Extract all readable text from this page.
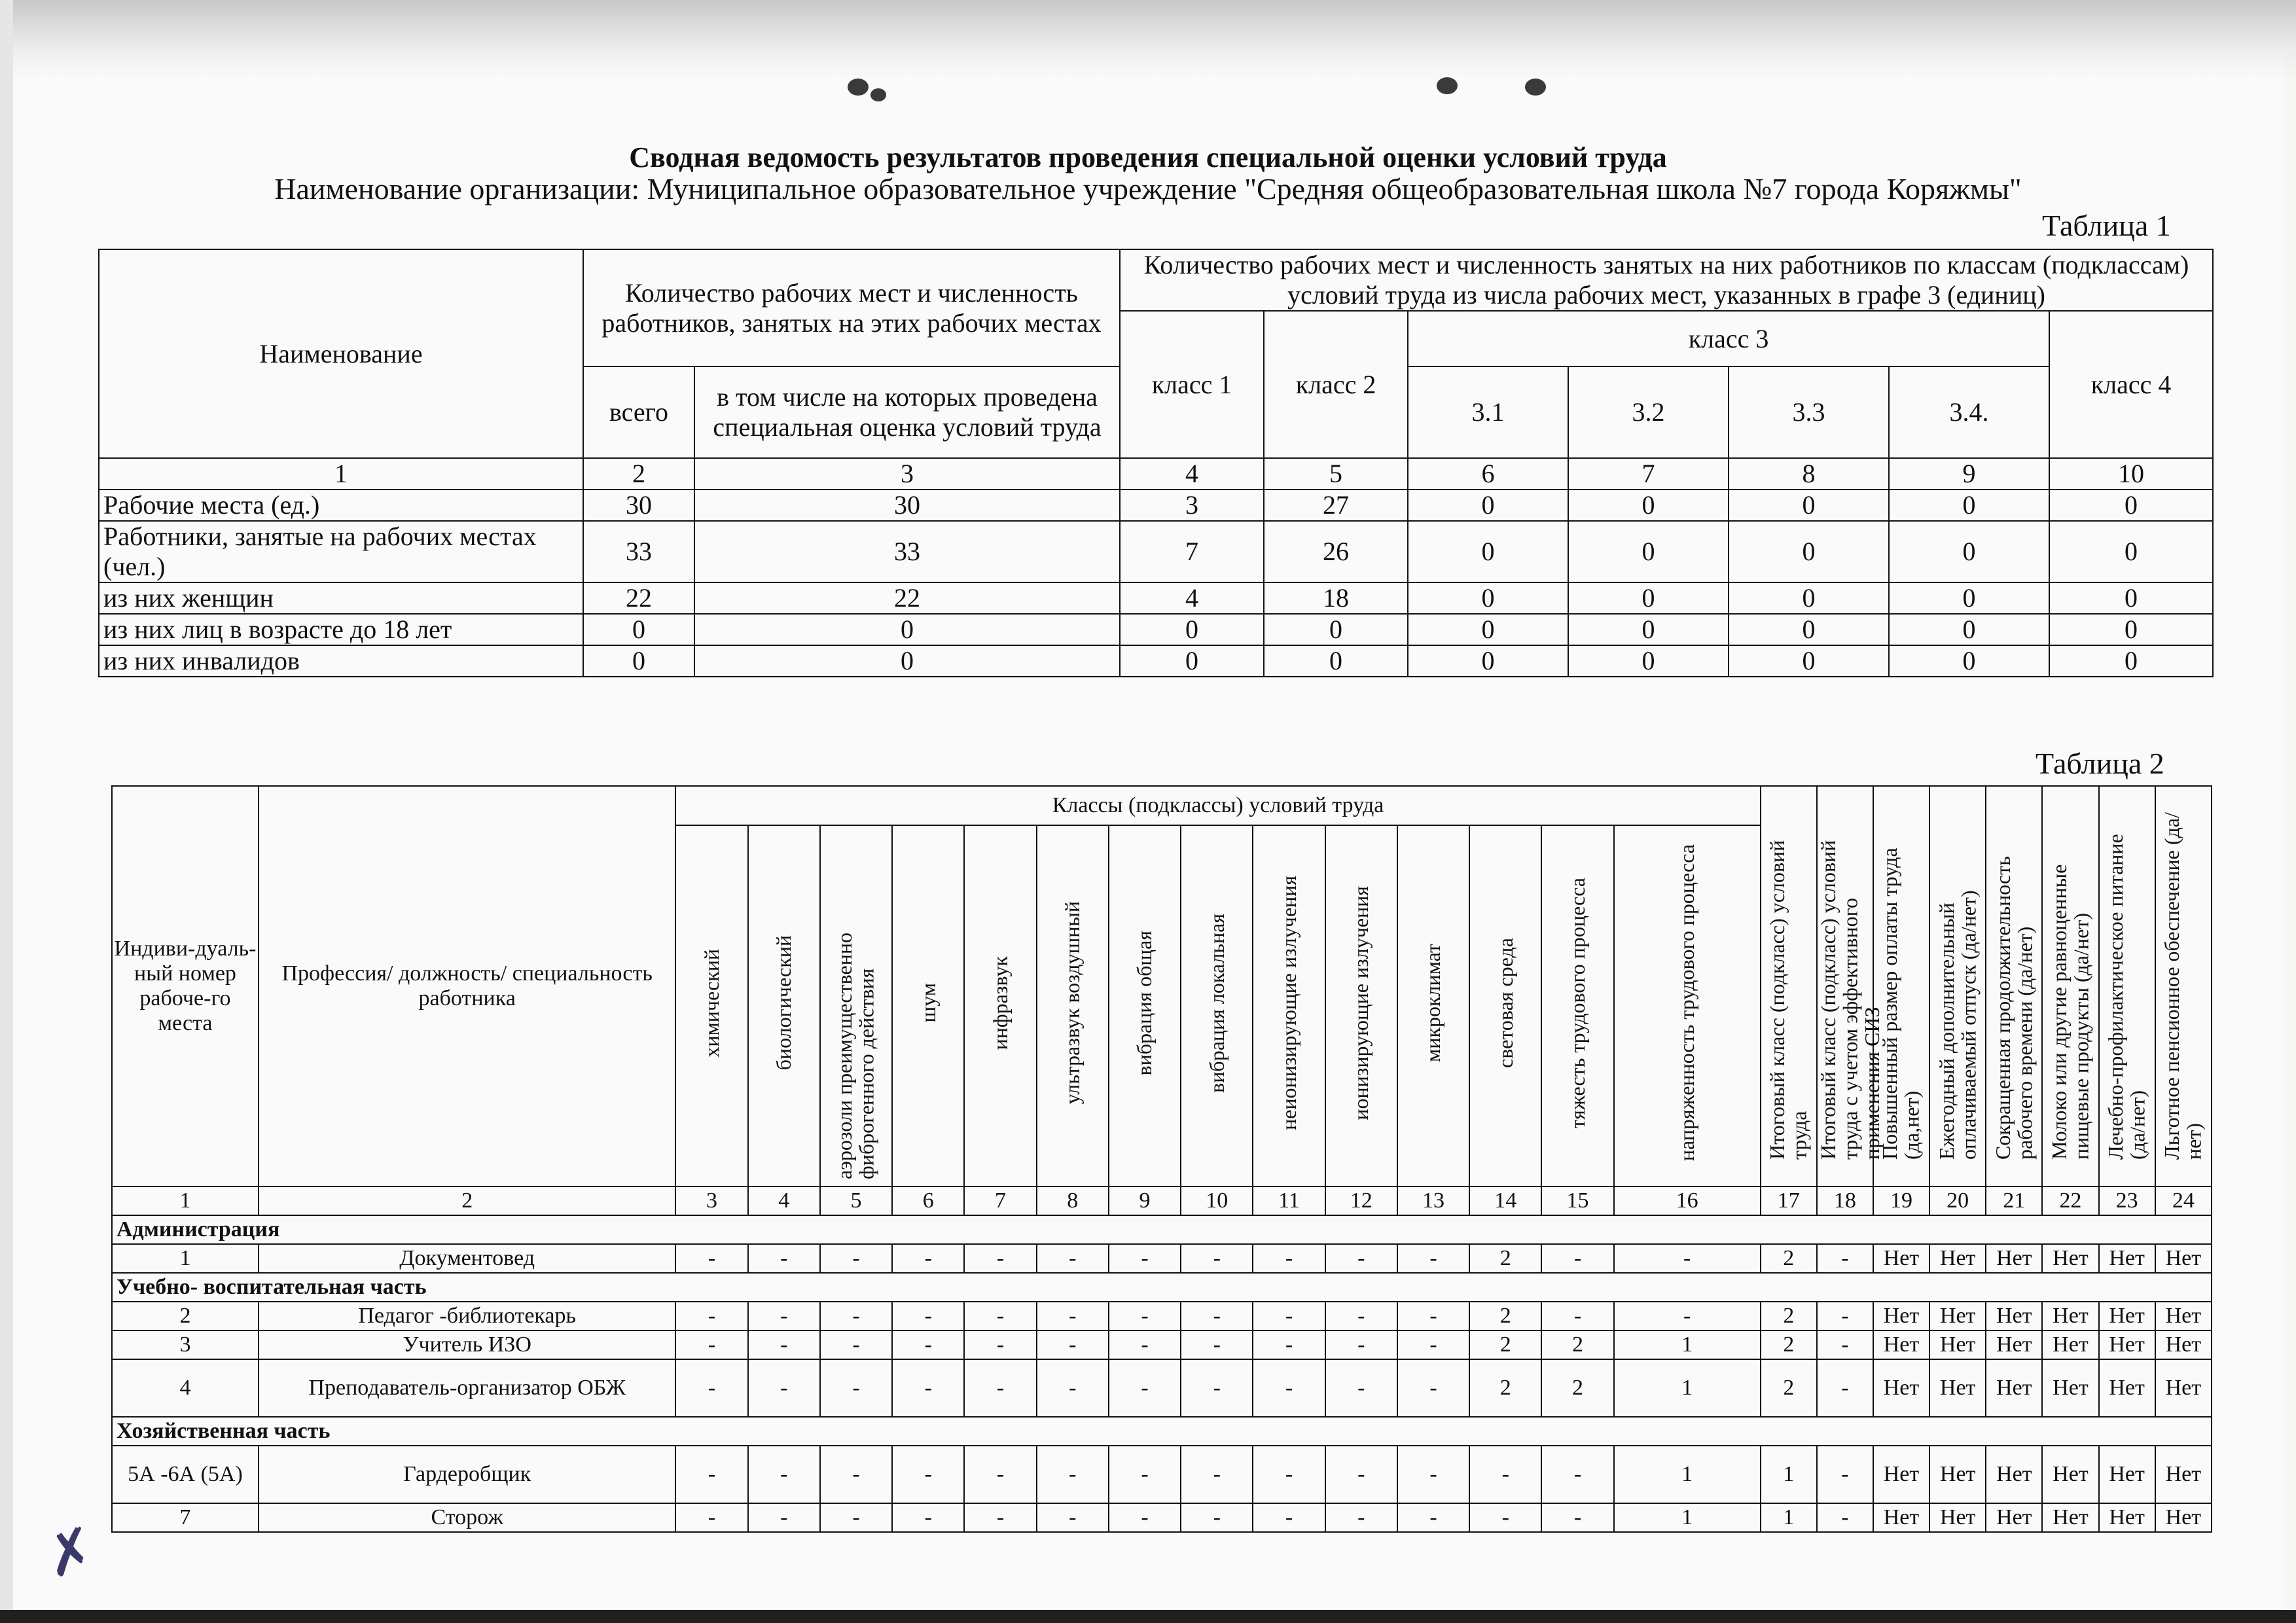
Сводная ведомость результатов проведения специальной оценки условий труда
Наименование организации: Муниципальное образовательное учреждение "Средняя общеобразовательная школа №7 города Коряжмы"
Таблица 1
Наименование	Количество рабочих мест и численность работников, занятых на этих рабочих местах		Количество рабочих мест и численность занятых на них работников по классам (подклассам) условий труда из числа рабочих мест, указанных в графе 3 (единиц)						
			класс 1	класс 2	класс 3				класс 4
	всего	в том числе на которых проведена специальная оценка условий труда			3.1	3.2	3.3	3.4.	
1	2	3	4	5	6	7	8	9	10
Рабочие места (ед.)	30	30	3	27	0	0	0	0	0
Работники, занятые на рабочих местах (чел.)	33	33	7	26	0	0	0	0	0
из них женщин	22	22	4	18	0	0	0	0	0
из них лиц в возрасте до 18 лет	0	0	0	0	0	0	0	0	0
из них инвалидов	0	0	0	0	0	0	0	0	0
Таблица 2
Индиви-дуаль-ный номер рабоче-го места	Профессия/ должность/ специальность работника	Классы (подклассы) условий труда														Итоговый класс (подкласс) условий труда	Итоговый класс (подкласс) условий труда с учетом эффективного применения СИЗ	Повышенный размер оплаты труда (да,нет)	Ежегодный дополнительный оплачиваемый отпуск (да/нет)	Сокращенная продолжительность рабочего времени (да/нет)	Молоко или другие равноценные пищевые продукты (да/нет)	Лечебно-профилактическое питание (да/нет)	Льготное пенсионное обеспечение (да/нет)
		химический	биологический	аэрозоли преимущественно фиброгенного действия	шум	инфразвук	ультразвук воздушный	вибрация общая	вибрация локальная	неионизирующие излучения	ионизирующие излучения	микроклимат	световая среда	тяжесть трудового процесса	напряженность трудового процесса								
1	2	3	4	5	6	7	8	9	10	11	12	13	14	15	16	17	18	19	20	21	22	23	24
Администрация																							
1	Документовед	-	-	-	-	-	-	-	-	-	-	-	2	-	-	2	-	Нет	Нет	Нет	Нет	Нет	Нет
Учебно- воспитательная часть																							
2	Педагог -библиотекарь	-	-	-	-	-	-	-	-	-	-	-	2	-	-	2	-	Нет	Нет	Нет	Нет	Нет	Нет
3	Учитель ИЗО	-	-	-	-	-	-	-	-	-	-	-	2	2	1	2	-	Нет	Нет	Нет	Нет	Нет	Нет
4	Преподаватель-организатор ОБЖ	-	-	-	-	-	-	-	-	-	-	-	2	2	1	2	-	Нет	Нет	Нет	Нет	Нет	Нет
Хозяйственная часть																							
5А -6А (5А)	Гардеробщик	-	-	-	-	-	-	-	-	-	-	-	-	-	1	1	-	Нет	Нет	Нет	Нет	Нет	Нет
7	Сторож	-	-	-	-	-	-	-	-	-	-	-	-	-	1	1	-	Нет	Нет	Нет	Нет	Нет	Нет
✗
